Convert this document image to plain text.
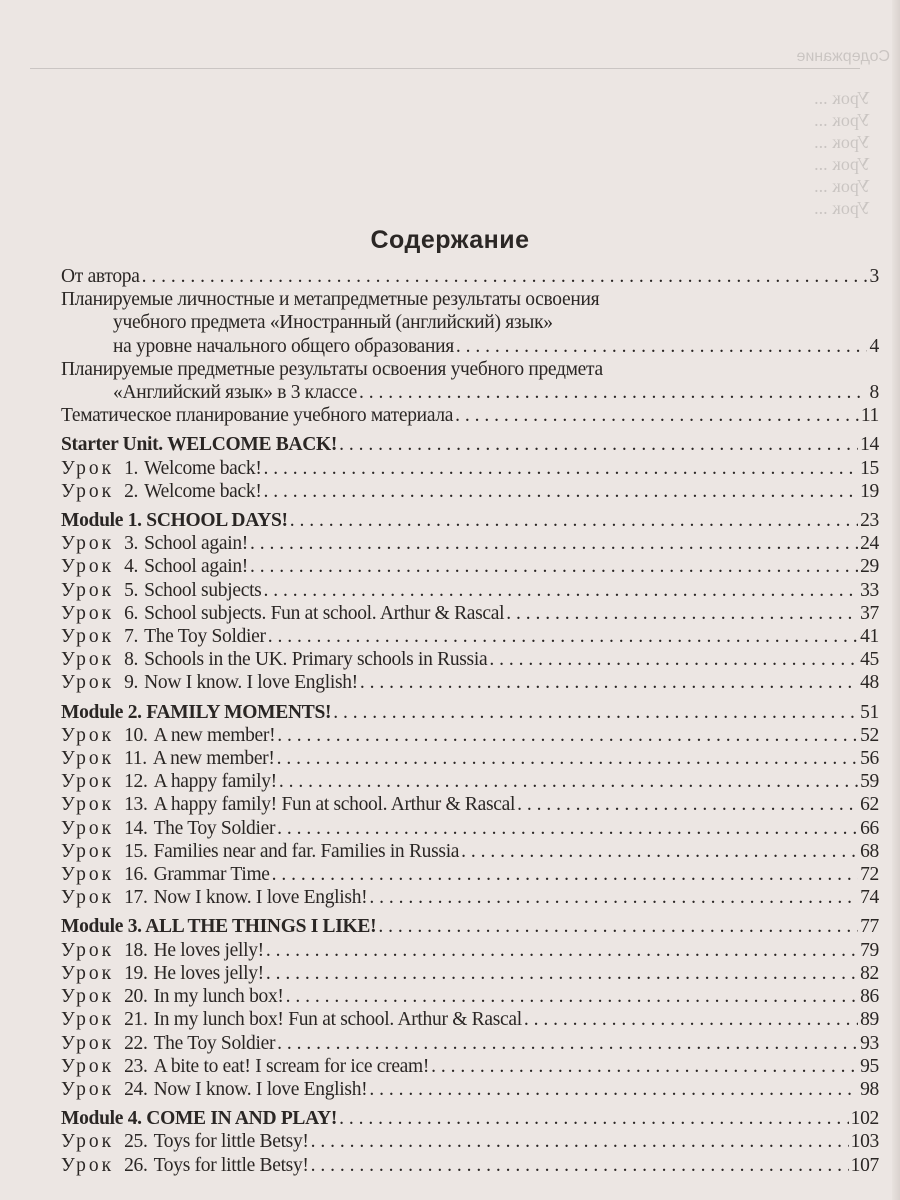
Содержание
Урок ...
Урок ...
Урок ...
Урок ...
Урок ...
Урок ...
Содержание
От автора . . .	3
Планируемые личностные и метапредметные результаты освоения
учебного предмета «Иностранный (английский) язык»
на уровне начального общего образования . . .	4
Планируемые предметные результаты освоения учебного предмета
«Английский язык» в 3 классе . . .	8
Тематическое планирование учебного материала . . .	11
Starter Unit. WELCOME BACK! . . .	14
Урок 1. Welcome back! . . .	15
Урок 2. Welcome back! . . .	19
Module 1. SCHOOL DAYS! . . .	23
Урок 3. School again! . . .	24
Урок 4. School again! . . .	29
Урок 5. School subjects . . .	33
Урок 6. School subjects. Fun at school. Arthur & Rascal . . .	37
Урок 7. The Toy Soldier . . .	41
Урок 8. Schools in the UK. Primary schools in Russia . . .	45
Урок 9. Now I know. I love English! . . .	48
Module 2. FAMILY MOMENTS! . . .	51
Урок 10. A new member! . . .	52
Урок 11. A new member! . . .	56
Урок 12. A happy family! . . .	59
Урок 13. A happy family! Fun at school. Arthur & Rascal . . .	62
Урок 14. The Toy Soldier . . .	66
Урок 15. Families near and far. Families in Russia . . .	68
Урок 16. Grammar Time . . .	72
Урок 17. Now I know. I love English! . . .	74
Module 3. ALL THE THINGS I LIKE! . . .	77
Урок 18. He loves jelly! . . .	79
Урок 19. He loves jelly! . . .	82
Урок 20. In my lunch box! . . .	86
Урок 21. In my lunch box! Fun at school. Arthur & Rascal . . .	89
Урок 22. The Toy Soldier . . .	93
Урок 23. A bite to eat! I scream for ice cream! . . .	95
Урок 24. Now I know. I love English! . . .	98
Module 4. COME IN AND PLAY! . . .	102
Урок 25. Toys for little Betsy! . . .	103
Урок 26. Toys for little Betsy! . . .	107
